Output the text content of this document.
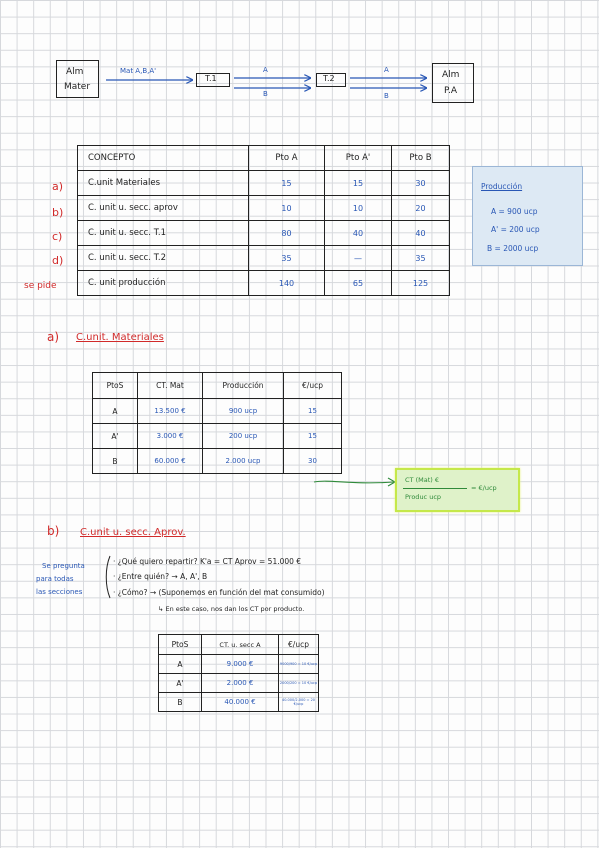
Alm
Mater
Mat A,B,A'
T.1
A
B
T.2
A
B
Alm
P.A
CONCEPTO	Pto A	Pto A'	Pto B
C.unit Materiales	15	15	30
C. unit u. secc. aprov	10	10	20
C. unit u. secc. T.1	80	40	40
C. unit u. secc. T.2	35	—	35
C. unit producción	140	65	125
a)
b)
c)
d)
se pide
Producción
A = 900 ucp
A' = 200 ucp
B = 2000 ucp
a) C.unit. Materiales
PtoS	CT. Mat	Producción	€/ucp
A	13.500 €	900 ucp	15
A'	3.000 €	200 ucp	15
B	60.000 €	2.000 ucp	30
CT (Mat) €
Produc ucp
= €/ucp
b) C.unit u. secc. Aprov.
Se pregunta
para todas
las secciones
· ¿Qué quiero repartir? K'a = CT Aprov = 51.000 €
· ¿Entre quién? → A, A', B
· ¿Cómo? → (Suponemos en función del mat consumido)
↳ En este caso, nos dan los CT por producto.
PtoS	CT. u. secc A	€/ucp
A	9.000 €	9000/900 = 10 €/ucp
A'	2.000 €	2000/200 = 10 €/ucp
B	40.000 €	40.000/2.000 = 20 €/ucp
